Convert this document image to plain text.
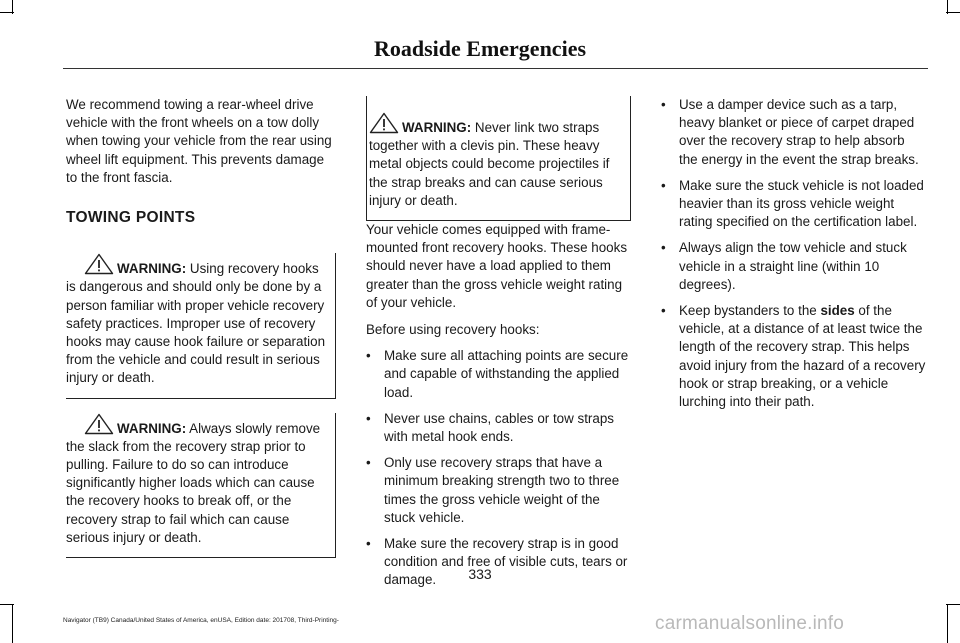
Roadside Emergencies

We recommend towing a rear-wheel drive vehicle with the front wheels on a tow dolly when towing your vehicle from the rear using wheel lift equipment. This prevents damage to the front fascia.

TOWING POINTS

WARNING: Using recovery hooks is dangerous and should only be done by a person familiar with proper vehicle recovery safety practices. Improper use of recovery hooks may cause hook failure or separation from the vehicle and could result in serious injury or death.

WARNING: Always slowly remove the slack from the recovery strap prior to pulling. Failure to do so can introduce significantly higher loads which can cause the recovery hooks to break off, or the recovery strap to fail which can cause serious injury or death.

WARNING: Never link two straps together with a clevis pin. These heavy metal objects could become projectiles if the strap breaks and can cause serious injury or death.

Your vehicle comes equipped with frame-mounted front recovery hooks. These hooks should never have a load applied to them greater than the gross vehicle weight rating of your vehicle.

Before using recovery hooks:

• Make sure all attaching points are secure and capable of withstanding the applied load.
• Never use chains, cables or tow straps with metal hook ends.
• Only use recovery straps that have a minimum breaking strength two to three times the gross vehicle weight of the stuck vehicle.
• Make sure the recovery strap is in good condition and free of visible cuts, tears or damage.
• Use a damper device such as a tarp, heavy blanket or piece of carpet draped over the recovery strap to help absorb the energy in the event the strap breaks.
• Make sure the stuck vehicle is not loaded heavier than its gross vehicle weight rating specified on the certification label.
• Always align the tow vehicle and stuck vehicle in a straight line (within 10 degrees).
• Keep bystanders to the sides of the vehicle, at a distance of at least twice the length of the recovery strap. This helps avoid injury from the hazard of a recovery hook or strap breaking, or a vehicle lurching into their path.
333
Navigator (TB9) Canada/United States of America, enUSA, Edition date: 201708, Third-Printing-	carmanualsonline.info
